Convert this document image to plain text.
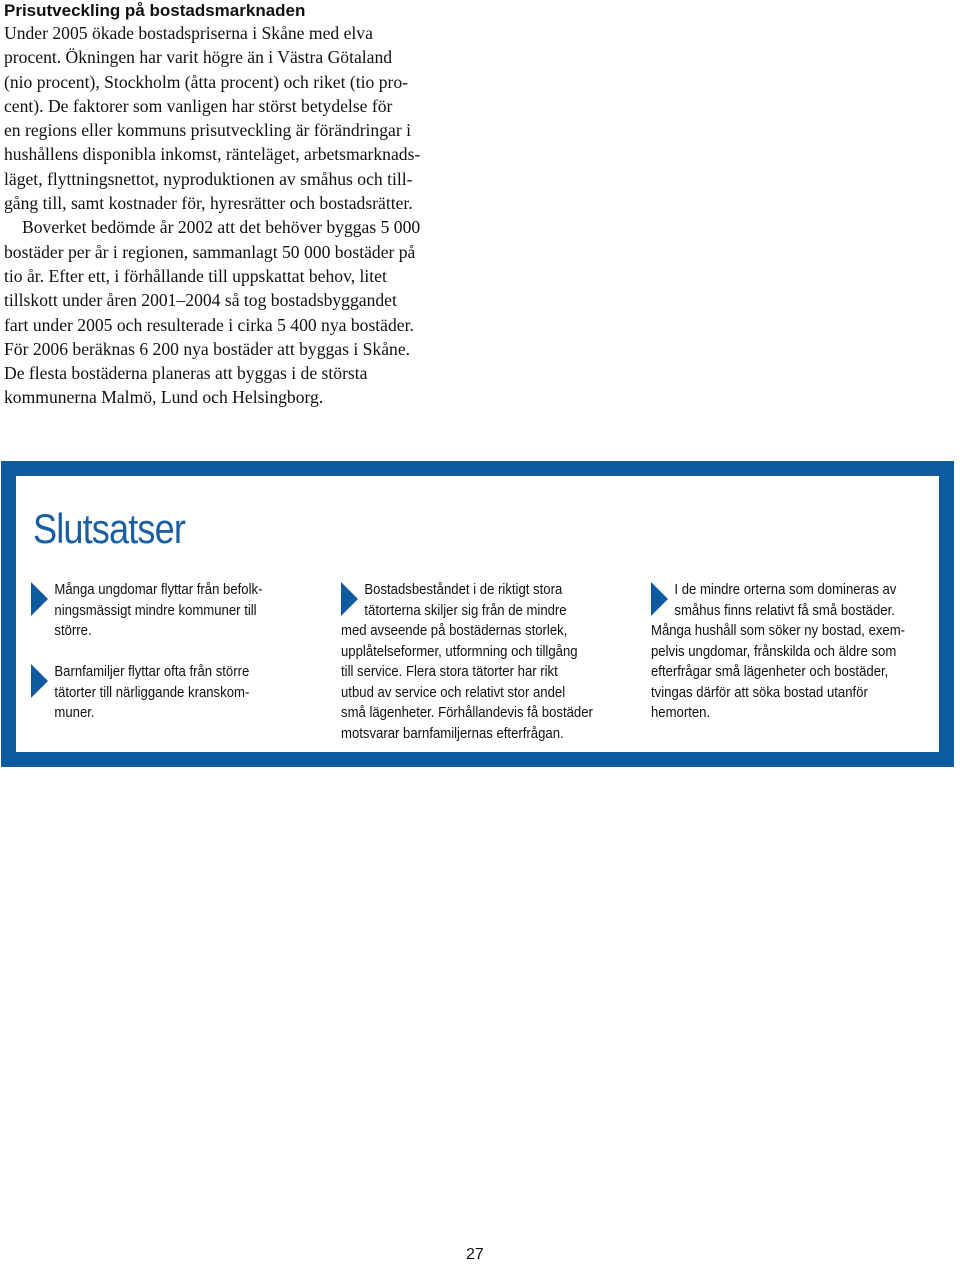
Prisutveckling på bostadsmarknaden

Under 2005 ökade bostadspriserna i Skåne med elva
procent. Ökningen har varit högre än i Västra Götaland
(nio procent), Stockholm (åtta procent) och riket (tio pro-
cent). De faktorer som vanligen har störst betydelse för
en regions eller kommuns prisutveckling är förändringar i
hushållens disponibla inkomst, ränteläget, arbetsmarknads-
läget, flyttningsnettot, nyproduktionen av småhus och till-
gång till, samt kostnader för, hyresrätter och bostadsrätter.

Boverket bedömde år 2002 att det behöver byggas 5 000
bostäder per år i regionen, sammanlagt 50 000 bostäder på
tio år. Efter ett, i förhållande till uppskattat behov, litet
tillskott under åren 2001–2004 så tog bostadsbyggandet
fart under 2005 och resulterade i cirka 5 400 nya bostäder.
För 2006 beräknas 6 200 nya bostäder att byggas i Skåne.
De flesta bostäderna planeras att byggas i de största
kommunerna Malmö, Lund och Helsingborg.

Slutsatser
Många ungdomar flyttar från befolk-
ningsmässigt mindre kommuner till
större.
Barnfamiljer flyttar ofta från större
tätorter till närliggande kranskom-
muner.
Bostadsbeståndet i de riktigt stora
tätorterna skiljer sig från de mindre
med avseende på bostädernas storlek,
upplåtelseformer, utformning och tillgång
till service. Flera stora tätorter har rikt
utbud av service och relativt stor andel
små lägenheter. Förhållandevis få bostäder
motsvarar barnfamiljernas efterfrågan.
I de mindre orterna som domineras av
småhus finns relativt få små bostäder.
Många hushåll som söker ny bostad, exem-
pelvis ungdomar, frånskilda och äldre som
efterfrågar små lägenheter och bostäder,
tvingas därför att söka bostad utanför
hemorten.
27
